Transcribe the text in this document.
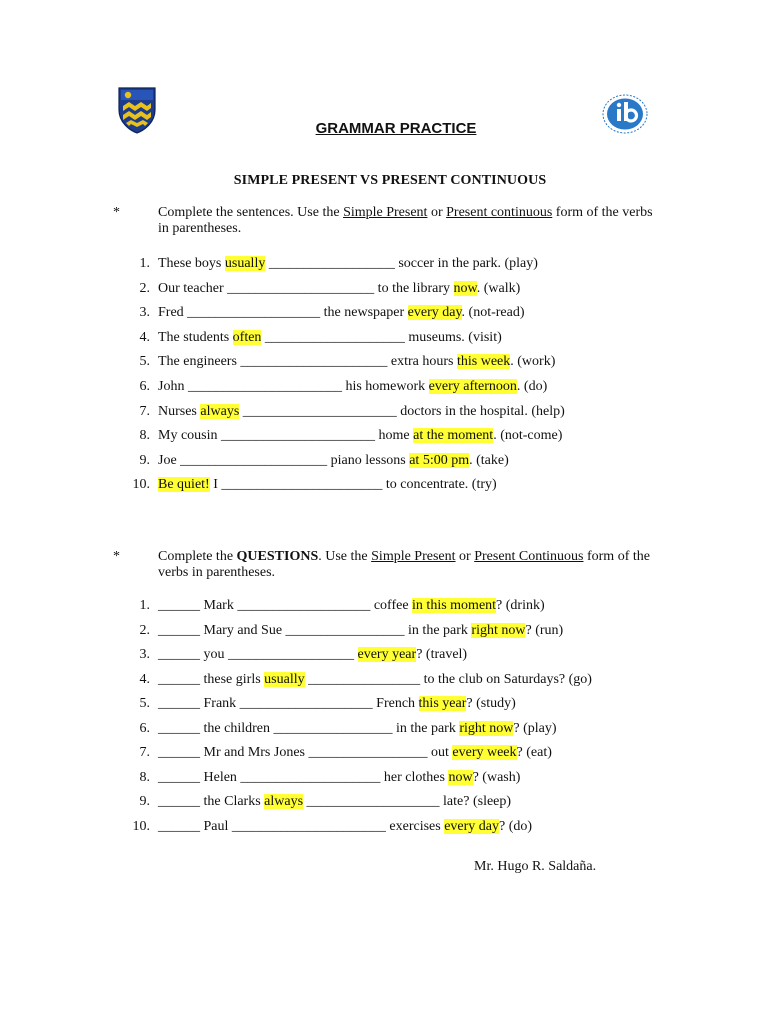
GRAMMAR PRACTICE
SIMPLE PRESENT VS PRESENT CONTINUOUS
*	Complete the sentences. Use the Simple Present or Present continuous form of the verbs in parentheses.
1. These boys usually __________________ soccer in the park. (play)
2. Our teacher _____________________ to the library now. (walk)
3. Fred ___________________ the newspaper every day. (not-read)
4. The students often ____________________ museums. (visit)
5. The engineers _____________________ extra hours this week. (work)
6. John ______________________ his homework every afternoon. (do)
7. Nurses always ______________________ doctors in the hospital. (help)
8. My cousin ______________________ home at the moment. (not-come)
9. Joe _____________________ piano lessons at 5:00 pm. (take)
10. Be quiet! I _______________________ to concentrate. (try)
*	Complete the QUESTIONS. Use the Simple Present or Present Continuous form of the verbs in parentheses.
1. ______ Mark ___________________ coffee in this moment? (drink)
2. ______ Mary and Sue _________________ in the park right now? (run)
3. ______ you __________________ every year? (travel)
4. ______ these girls usually ________________ to the club on Saturdays? (go)
5. ______ Frank ___________________ French this year? (study)
6. ______ the children _________________ in the park right now? (play)
7. ______ Mr and Mrs Jones _________________ out every week? (eat)
8. ______ Helen ____________________ her clothes now? (wash)
9. ______ the Clarks always ___________________ late? (sleep)
10. ______ Paul ______________________ exercises every day? (do)
Mr. Hugo R. Saldaña.
